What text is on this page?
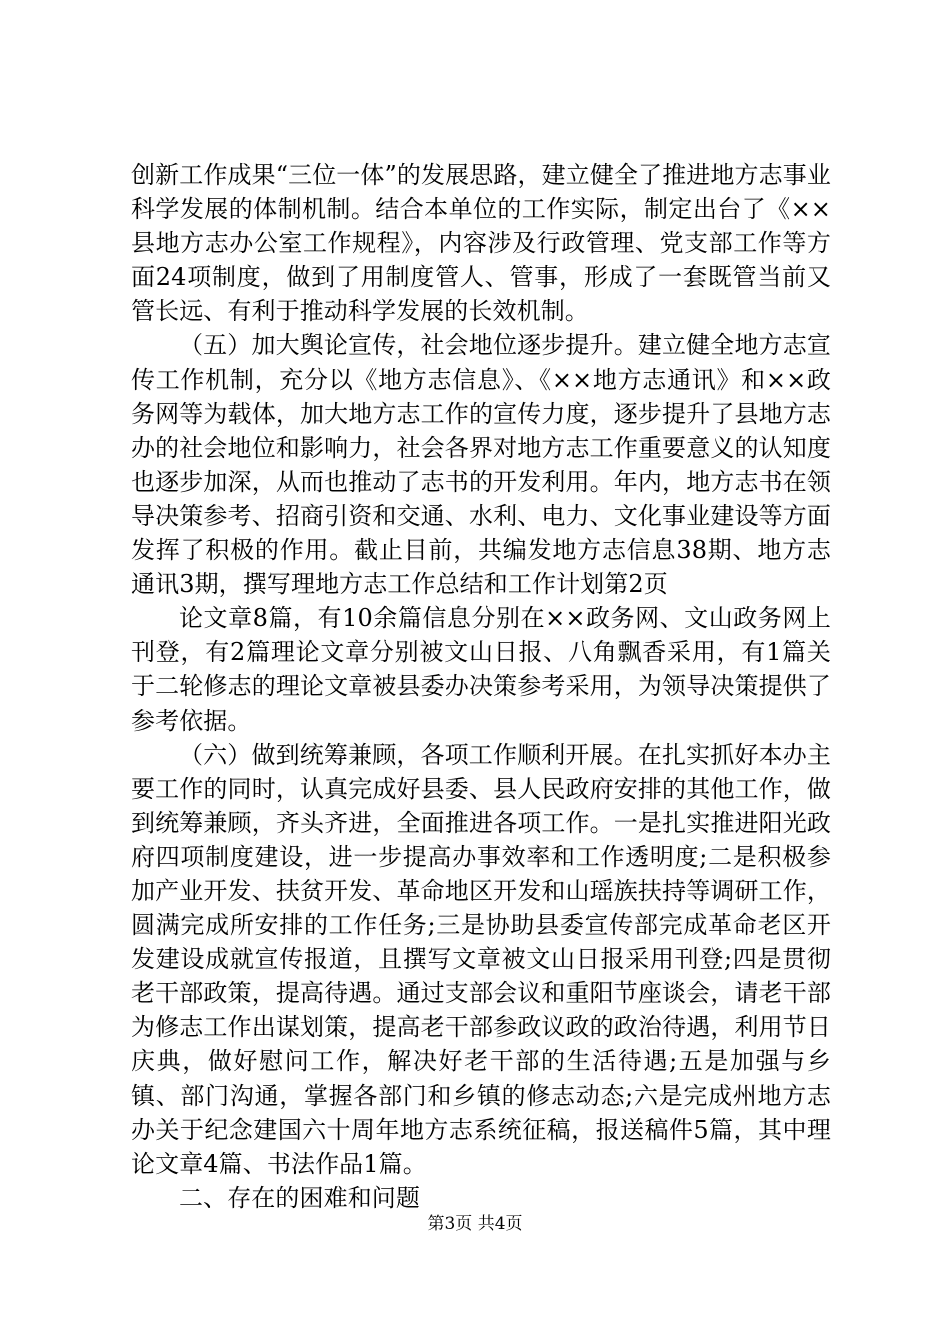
创新工作成果“三位一体”的发展思路，建立健全了推进地方志事业科学发展的体制机制。结合本单位的工作实际，制定出台了《××县地方志办公室工作规程》，内容涉及行政管理、党支部工作等方面24项制度，做到了用制度管人、管事，形成了一套既管当前又管长远、有利于推动科学发展的长效机制。

（五）加大舆论宣传，社会地位逐步提升。建立健全地方志宣传工作机制，充分以《地方志信息》、《××地方志通讯》和××政务网等为载体，加大地方志工作的宣传力度，逐步提升了县地方志办的社会地位和影响力，社会各界对地方志工作重要意义的认知度也逐步加深，从而也推动了志书的开发利用。年内，地方志书在领导决策参考、招商引资和交通、水利、电力、文化事业建设等方面发挥了积极的作用。截止目前，共编发地方志信息38期、地方志通讯3期，撰写理地方志工作总结和工作计划第2页

论文章8篇，有10余篇信息分别在××政务网、文山政务网上刊登，有2篇理论文章分别被文山日报、八角飘香采用，有1篇关于二轮修志的理论文章被县委办决策参考采用，为领导决策提供了参考依据。

（六）做到统筹兼顾，各项工作顺利开展。在扎实抓好本办主要工作的同时，认真完成好县委、县人民政府安排的其他工作，做到统筹兼顾，齐头齐进，全面推进各项工作。一是扎实推进阳光政府四项制度建设，进一步提高办事效率和工作透明度;二是积极参加产业开发、扶贫开发、革命地区开发和山瑶族扶持等调研工作，圆满完成所安排的工作任务;三是协助县委宣传部完成革命老区开发建设成就宣传报道，且撰写文章被文山日报采用刊登;四是贯彻老干部政策，提高待遇。通过支部会议和重阳节座谈会，请老干部为修志工作出谋划策，提高老干部参政议政的政治待遇，利用节日庆典，做好慰问工作，解决好老干部的生活待遇;五是加强与乡镇、部门沟通，掌握各部门和乡镇的修志动态;六是完成州地方志办关于纪念建国六十周年地方志系统征稿，报送稿件5篇，其中理论文章4篇、书法作品1篇。

二、存在的困难和问题

第3页 共4页
